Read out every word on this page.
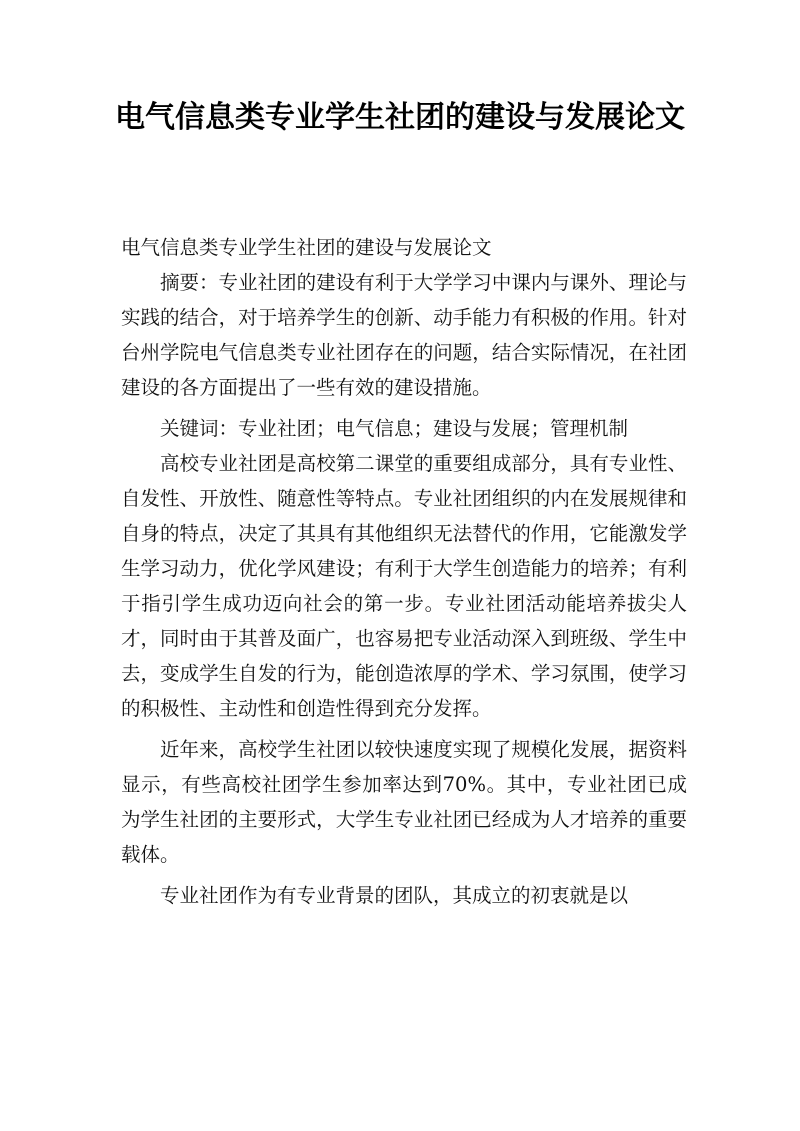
电气信息类专业学生社团的建设与发展论文

电气信息类专业学生社团的建设与发展论文

摘要：专业社团的建设有利于大学学习中课内与课外、理论与实践的结合，对于培养学生的创新、动手能力有积极的作用。针对台州学院电气信息类专业社团存在的问题，结合实际情况，在社团建设的各方面提出了一些有效的建设措施。

关键词：专业社团；电气信息；建设与发展；管理机制

高校专业社团是高校第二课堂的重要组成部分，具有专业性、自发性、开放性、随意性等特点。专业社团组织的内在发展规律和自身的特点，决定了其具有其他组织无法替代的作用，它能激发学生学习动力，优化学风建设；有利于大学生创造能力的培养；有利于指引学生成功迈向社会的第一步。专业社团活动能培养拔尖人才，同时由于其普及面广，也容易把专业活动深入到班级、学生中去，变成学生自发的行为，能创造浓厚的学术、学习氛围，使学习的积极性、主动性和创造性得到充分发挥。

近年来，高校学生社团以较快速度实现了规模化发展，据资料显示，有些高校社团学生参加率达到70%。其中，专业社团已成为学生社团的主要形式，大学生专业社团已经成为人才培养的重要载体。

专业社团作为有专业背景的团队，其成立的初衷就是以
